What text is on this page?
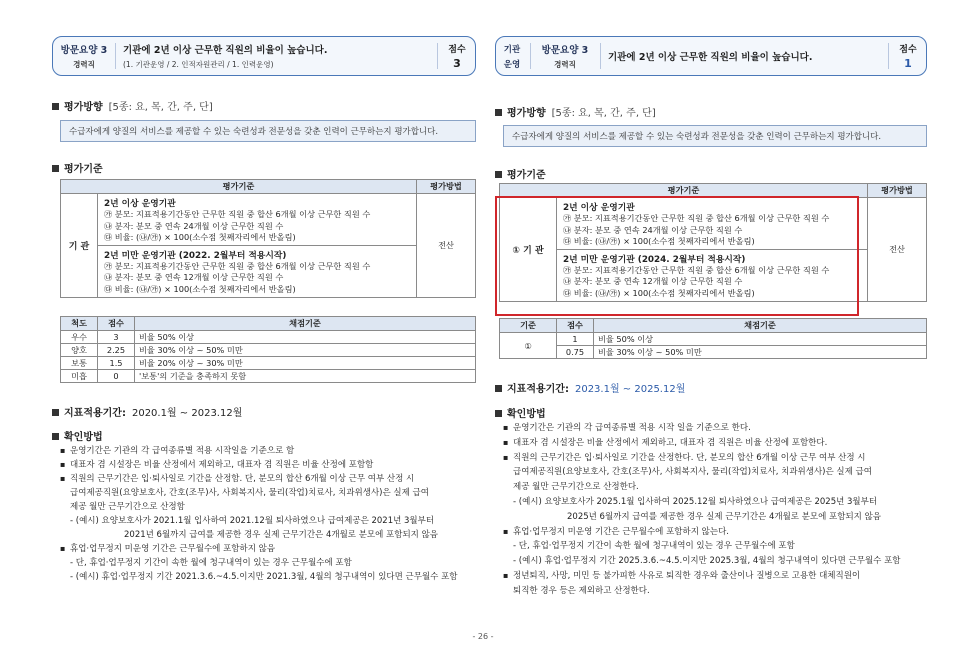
방문요양 3
경력직
기관에 2년 이상 근무한 직원의 비율이 높습니다.
(1. 기관운영 / 2. 인적자원관리 / 1. 인력운영)
점수
3
평가방향 [5종: 요, 목, 간, 주, 단]
수급자에게 양질의 서비스를 제공할 수 있는 숙련성과 전문성을 갖춘 인력이 근무하는지 평가합니다.
평가기준
평가기준		평가방법
기 관	2년 이상 운영기관
㉮ 분모: 지표적용기간동안 근무한 직원 중 합산 6개월 이상 근무한 직원 수
㉯ 분자: 분모 중 연속 24개월 이상 근무한 직원 수
㉰ 비율: (㉯/㉮) × 100(소수점 첫째자리에서 반올림)	전산

	2년 미만 운영기관 (2022. 2월부터 적용시작)
㉮ 분모: 지표적용기간동안 근무한 직원 중 합산 6개월 이상 근무한 직원 수
㉯ 분자: 분모 중 연속 12개월 이상 근무한 직원 수
㉰ 비율: (㉯/㉮) × 100(소수점 첫째자리에서 반올림)	
척도	점수	채점기준
우수	3	비율 50% 이상
양호	2.25	비율 30% 이상 ~ 50% 미만
보통	1.5	비율 20% 이상 ~ 30% 미만
미흡	0	'보통'의 기준을 충족하지 못함
지표적용기간: 2020.1월 ~ 2023.12월
확인방법
▪ 운영기간은 기관의 각 급여종류별 적용 시작일을 기준으로 함
▪ 대표자 겸 시설장은 비율 산정에서 제외하고, 대표자 겸 직원은 비율 산정에 포함함
▪ 직원의 근무기간은 입·퇴사일로 기간을 산정함. 단, 분모의 합산 6개월 이상 근무 여부 산정 시
급여제공직원(요양보호사, 간호(조무)사, 사회복지사, 물리(작업)치료사, 치과위생사)은 실제 급여
제공 월만 근무기간으로 산정함
- (예시) 요양보호사가 2021.1월 입사하여 2021.12월 퇴사하였으나 급여제공은 2021년 3월부터
2021년 6월까지 급여를 제공한 경우 실제 근무기간은 4개월로 분모에 포함되지 않음
▪ 휴업·업무정지 미운영 기간은 근무월수에 포함하지 않음
- 단, 휴업·업무정지 기간이 속한 월에 청구내역이 있는 경우 근무월수에 포함
- (예시) 휴업·업무정지 기간 2021.3.6.~4.5.이지만 2021.3월, 4월의 청구내역이 있다면 근무월수 포함
기관
운영
방문요양 3
경력직
기관에 2년 이상 근무한 직원의 비율이 높습니다.
점수
1
평가방향 [5종: 요, 목, 간, 주, 단]
수급자에게 양질의 서비스를 제공할 수 있는 숙련성과 전문성을 갖춘 인력이 근무하는지 평가합니다.
평가기준
평가기준		평가방법
① 기 관	2년 이상 운영기관
㉮ 분모: 지표적용기간동안 근무한 직원 중 합산 6개월 이상 근무한 직원 수
㉯ 분자: 분모 중 연속 24개월 이상 근무한 직원 수
㉰ 비율: (㉯/㉮) × 100(소수점 첫째자리에서 반올림)	전산

	2년 미만 운영기관 (2024. 2월부터 적용시작)
㉮ 분모: 지표적용기간동안 근무한 직원 중 합산 6개월 이상 근무한 직원 수
㉯ 분자: 분모 중 연속 12개월 이상 근무한 직원 수
㉰ 비율: (㉯/㉮) × 100(소수점 첫째자리에서 반올림)	
기준	점수	채점기준
①	1	비율 50% 이상
	0.75	비율 30% 이상 ~ 50% 미만
지표적용기간: 2023.1월 ~ 2025.12월
확인방법
▪ 운영기간은 기관의 각 급여종류별 적용 시작 일을 기준으로 한다.
▪ 대표자 겸 시설장은 비율 산정에서 제외하고, 대표자 겸 직원은 비율 산정에 포함한다.
▪ 직원의 근무기간은 입·퇴사일로 기간을 산정한다. 단, 분모의 합산 6개월 이상 근무 여부 산정 시
급여제공직원(요양보호사, 간호(조무)사, 사회복지사, 물리(작업)치료사, 치과위생사)은 실제 급여
제공 월만 근무기간으로 산정한다.
- (예시) 요양보호사가 2025.1월 입사하여 2025.12월 퇴사하였으나 급여제공은 2025년 3월부터
2025년 6월까지 급여를 제공한 경우 실제 근무기간은 4개월로 분모에 포함되지 않음
▪ 휴업·업무정지 미운영 기간은 근무월수에 포함하지 않는다.
- 단, 휴업·업무정지 기간이 속한 월에 청구내역이 있는 경우 근무월수에 포함
- (예시) 휴업·업무정지 기간 2025.3.6.~4.5.이지만 2025.3월, 4월의 청구내역이 있다면 근무월수 포함
▪ 정년퇴직, 사망, 미민 등 불가피한 사유로 퇴직한 경우와 출산이나 질병으로 고용한 대체직원이
퇴직한 경우 등은 제외하고 산정한다.
- 26 -
